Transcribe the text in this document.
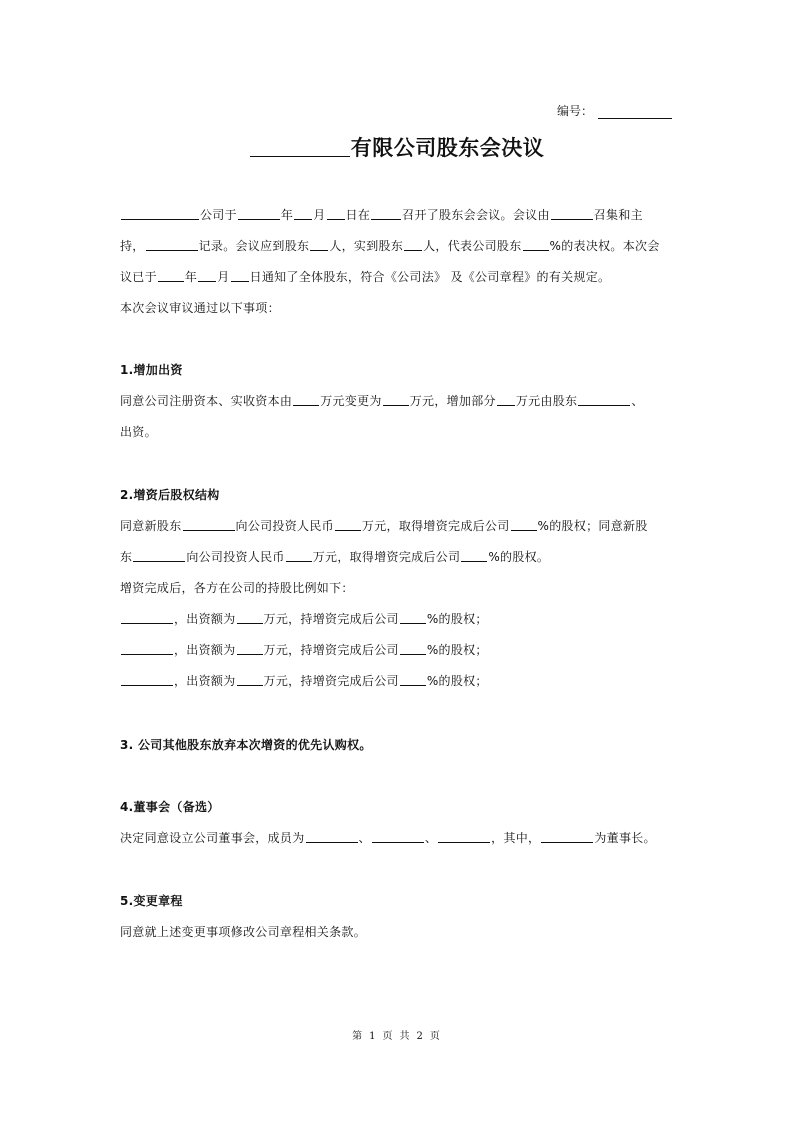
编号：
有限公司股东会决议
公司于	年 月 日在	召开了股东会会议。会议由	召集和主
持，	记录。会议应到股东 人，实到股东 人，代表公司股东 %的表决权。本次会
议已于 年 月 日通知了全体股东，符合《公司法》 及《公司章程》的有关规定。
本次会议审议通过以下事项：
1.增加出资
同意公司注册资本、实收资本由 万元变更为 万元，增加部分 万元由股东	、
出资。
2.增资后股权结构
同意新股东	向公司投资人民币 万元，取得增资完成后公司 %的股权；同意新股
东	向公司投资人民币 万元，取得增资完成后公司 %的股权。
增资完成后，各方在公司的持股比例如下：
，出资额为 万元，持增资完成后公司 %的股权；
，出资额为 万元，持增资完成后公司 %的股权；
，出资额为 万元，持增资完成后公司 %的股权；
3. 公司其他股东放弃本次增资的优先认购权。
4.董事会（备选）
决定同意设立公司董事会，成员为	、	、	，其中，	为董事长。
5.变更章程
同意就上述变更事项修改公司章程相关条款。
第 1 页 共 2 页
